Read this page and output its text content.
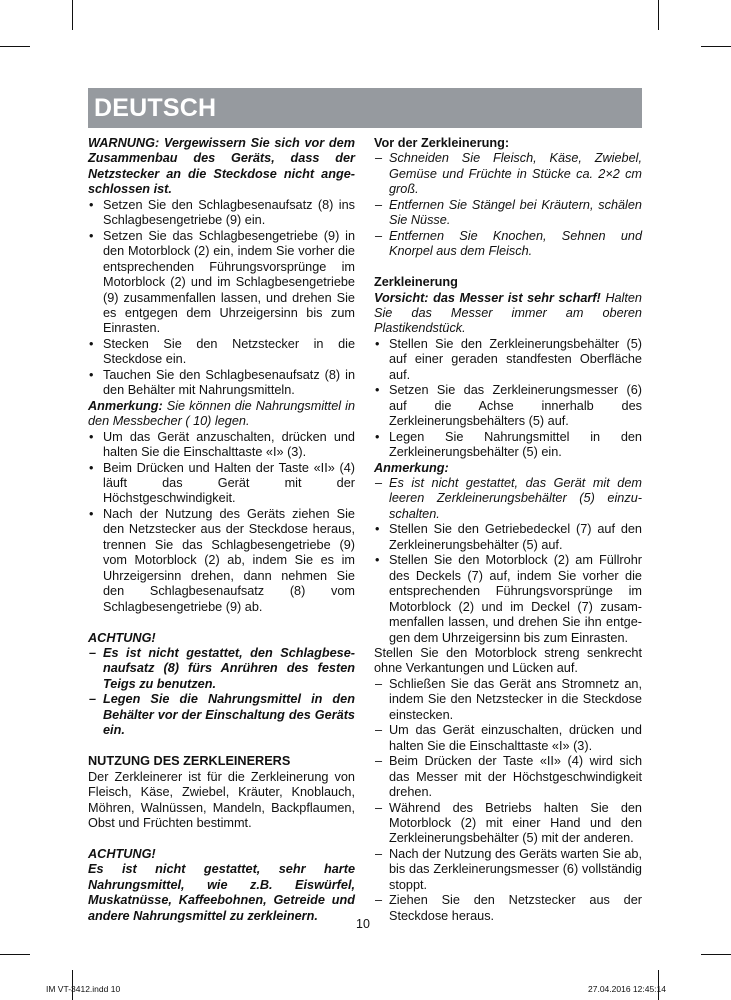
DEUTSCH

WARNUNG: Vergewissern Sie sich vor dem Zusammenbau des Geräts, dass der Netzstecker an die Steckdose nicht angeschlossen ist.

• Setzen Sie den Schlagbesenaufsatz (8) ins Schlagbesengetriebe (9) ein.
• Setzen Sie das Schlagbesengetriebe (9) in den Motorblock (2) ein, indem Sie vorher die entsprechenden Führungsvorsprünge im Motorblock (2) und im Schlagbesengetriebe (9) zusammenfallen lassen, und drehen Sie es entgegen dem Uhrzeigersinn bis zum Einrasten.
• Stecken Sie den Netzstecker in die Steckdose ein.
• Tauchen Sie den Schlagbesenaufsatz (8) in den Behälter mit Nahrungsmitteln.

Anmerkung: Sie können die Nahrungsmittel in den Messbecher ( 10) legen.

• Um das Gerät anzuschalten, drücken und halten Sie die Einschalttaste «I» (3).
• Beim Drücken und Halten der Taste «II» (4) läuft das Gerät mit der Höchstgeschwindigkeit.
• Nach der Nutzung des Geräts ziehen Sie den Netzstecker aus der Steckdose heraus, trennen Sie das Schlagbesengetriebe (9) vom Motorblock (2) ab, indem Sie es im Uhrzeigersinn drehen, dann nehmen Sie den Schlagbesenaufsatz (8) vom Schlagbesengetriebe (9) ab.

ACHTUNG!

– Es ist nicht gestattet, den Schlagbesenaufsatz (8) fürs Anrühren des festen Teigs zu benutzen.
– Legen Sie die Nahrungsmittel in den Behälter vor der Einschaltung des Geräts ein.

NUTZUNG DES ZERKLEINERERS

Der Zerkleinerer ist für die Zerkleinerung von Fleisch, Käse, Zwiebel, Kräuter, Knoblauch, Möhren, Walnüssen, Mandeln, Backpflaumen, Obst und Früchten bestimmt.

ACHTUNG!

Es ist nicht gestattet, sehr harte Nahrungsmittel, wie z.B. Eiswürfel, Muskatnüsse, Kaffeebohnen, Getreide und andere Nahrungsmittel zu zerkleinern.

Vor der Zerkleinerung:

– Schneiden Sie Fleisch, Käse, Zwiebel, Gemüse und Früchte in Stücke ca. 2×2 cm groß.
– Entfernen Sie Stängel bei Kräutern, schälen Sie Nüsse.
– Entfernen Sie Knochen, Sehnen und Knorpel aus dem Fleisch.

Zerkleinerung

Vorsicht: das Messer ist sehr scharf! Halten Sie das Messer immer am oberen Plastikendstück.

• Stellen Sie den Zerkleinerungsbehälter (5) auf einer geraden standfesten Oberfläche auf.
• Setzen Sie das Zerkleinerungsmesser (6) auf die Achse innerhalb des Zerkleinerungsbehälters (5) auf.
• Legen Sie Nahrungsmittel in den Zerkleinerungsbehälter (5) ein.

Anmerkung:

– Es ist nicht gestattet, das Gerät mit dem leeren Zerkleinerungsbehälter (5) einzuschalten.
• Stellen Sie den Getriebedeckel (7) auf den Zerkleinerungsbehälter (5) auf.
• Stellen Sie den Motorblock (2) am Füllrohr des Deckels (7) auf, indem Sie vorher die entsprechenden Führungsvorsprünge im Motorblock (2) und im Deckel (7) zusammenfallen lassen, und drehen Sie ihn entgegen dem Uhrzeigersinn bis zum Einrasten.

Stellen Sie den Motorblock streng senkrecht ohne Verkantungen und Lücken auf.

– Schließen Sie das Gerät ans Stromnetz an, indem Sie den Netzstecker in die Steckdose einstecken.
– Um das Gerät einzuschalten, drücken und halten Sie die Einschalttaste «I» (3).
– Beim Drücken der Taste «II» (4) wird sich das Messer mit der Höchstgeschwindigkeit drehen.
– Während des Betriebs halten Sie den Motorblock (2) mit einer Hand und den Zerkleinerungsbehälter (5) mit der anderen.
– Nach der Nutzung des Geräts warten Sie ab, bis das Zerkleinerungsmesser (6) vollständig stoppt.
– Ziehen Sie den Netzstecker aus der Steckdose heraus.
10
IM VT-3412.indd 10	27.04.2016 12:45:14
